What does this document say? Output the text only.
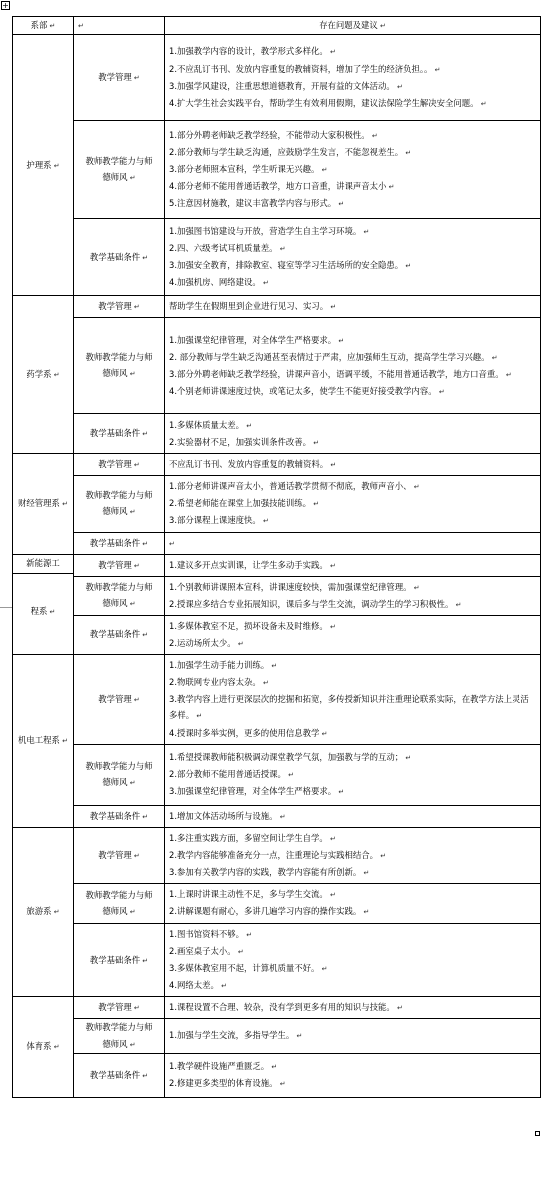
+
系部 ↵	↵	存在问题及建议 ↵
护理系 ↵	教学管理 ↵	1.加强教学内容的设计，教学形式多样化。 ↵
2.不应乱订书刊、发放内容重复的教辅资料，增加了学生的经济负担。。 ↵
3.加强学风建设，注重思想道德教育，开展有益的文体活动。 ↵
4.扩大学生社会实践平台，帮助学生有效利用假期，建议法保险学生解决安全问题。 ↵

	教师教学能力与师德师风 ↵	1.部分外聘老师缺乏教学经验，不能带动大家积极性。 ↵
2.部分教师与学生缺乏沟通，应鼓励学生发言，不能忽视差生。 ↵
3.部分老师照本宣科，学生听课无兴趣。 ↵
4.部分老师不能用普通话教学，地方口音重，讲课声音太小 ↵
5.注意因材施教，建议丰富教学内容与形式。 ↵

	教学基础条件 ↵	1.加强图书馆建设与开放，营造学生自主学习环境。 ↵
2.四、六级考试耳机质量差。 ↵
3.加强安全教育，排除教室、寝室等学习生活场所的安全隐患。 ↵
4.加强机房、网络建设。 ↵

药学系 ↵	教学管理 ↵	帮助学生在假期里到企业进行见习、实习。 ↵

	教师教学能力与师德师风 ↵	1.加强课堂纪律管理，对全体学生严格要求。 ↵
2. 部分教师与学生缺乏沟通甚至表情过于严肃，应加强师生互动，提高学生学习兴趣。 ↵
3.部分外聘老师缺乏教学经验，讲课声音小，语调平缓，不能用普通话教学，地方口音重。 ↵
4.个别老师讲课速度过快，或笔记太多，使学生不能更好接受教学内容。 ↵

	教学基础条件 ↵	1.多媒体质量太差。 ↵
2.实验器材不足，加强实训条件改善。 ↵

财经管理系 ↵	教学管理 ↵	不应乱订书刊、发放内容重复的教辅资料。 ↵

	教师教学能力与师德师风 ↵	1.部分老师讲课声音太小，普通话教学贯彻不彻底，教师声音小、 ↵
2.希望老师能在课堂上加强技能训练。 ↵
3.部分课程上课速度快。 ↵

	教学基础条件 ↵	↵

新能源工
程系 ↵	教学管理 ↵	1.建议多开点实训课，让学生多动手实践。 ↵

	教师教学能力与师德师风 ↵	1.个别教师讲课照本宣科，讲课速度较快，需加强课堂纪律管理。 ↵
2.授课应多结合专业拓展知识，课后多与学生交流，调动学生的学习积极性。 ↵

	教学基础条件 ↵	1.多媒体教室不足，损坏设备未及时维修。 ↵
2.运动场所太少。 ↵

机电工程系 ↵	教学管理 ↵	1.加强学生动手能力训练。 ↵
2.物联网专业内容太杂。 ↵
3.教学内容上进行更深层次的挖掘和拓宽，多传授新知识并注重理论联系实际，在教学方法上灵活多样。 ↵
4.授课时多举实例，更多的使用信息教学 ↵

	教师教学能力与师德师风 ↵	1.希望授课教师能积极调动课堂教学气氛，加强教与学的互动； ↵
2.部分教师不能用普通话授课。 ↵
3.加强课堂纪律管理，对全体学生严格要求。 ↵

	教学基础条件 ↵	1.增加文体活动场所与设施。 ↵

旅游系 ↵	教学管理 ↵	1.多注重实践方面，多留空间让学生自学。 ↵
2.教学内容能够准备充分一点，注重理论与实践相结合。 ↵
3.参加有关教学内容的实践，教学内容能有所创新。 ↵

	教师教学能力与师德师风 ↵	1.上课时讲课主动性不足，多与学生交流。 ↵
2.讲解课题有耐心，多讲几遍学习内容的操作实践。 ↵

	教学基础条件 ↵	1.图书馆资料不够。 ↵
2.画室桌子太小。 ↵
3.多媒体教室用不起，计算机质量不好。 ↵
4.网络太差。 ↵

体育系 ↵	教学管理 ↵	1.课程设置不合理、较杂，没有学到更多有用的知识与技能。 ↵

	教师教学能力与师德师风 ↵	1.加强与学生交流，多指导学生。 ↵

	教学基础条件 ↵	1.教学硬件设施严重匮乏。 ↵
2.修建更多类型的体育设施。 ↵
